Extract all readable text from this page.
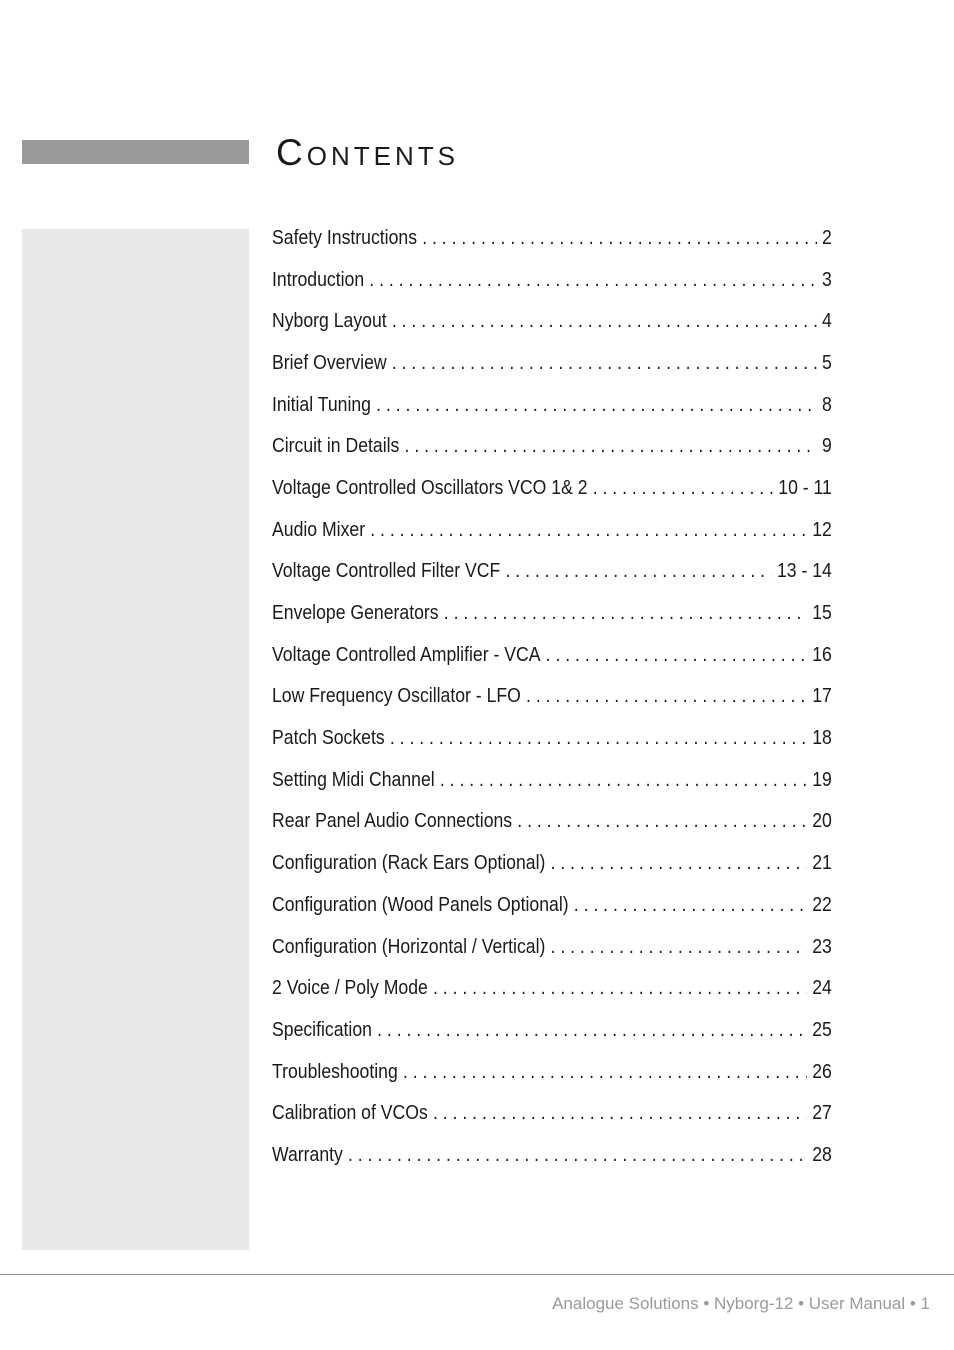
Contents
Safety Instructions . . .	2
Introduction . . .	3
Nyborg Layout . . .	4
Brief Overview . . .	5
Initial Tuning . . .	8
Circuit in Details . . .	9
Voltage Controlled Oscillators VCO 1& 2 . . .	10 - 11
Audio Mixer . . .	12
Voltage Controlled Filter VCF . . .	13 - 14
Envelope Generators . . .	15
Voltage Controlled Amplifier - VCA . . .	16
Low Frequency Oscillator - LFO . . .	17
Patch Sockets . . .	18
Setting Midi Channel . . .	19
Rear Panel Audio Connections . . .	20
Configuration (Rack Ears Optional) . . .	21
Configuration (Wood Panels Optional) . . .	22
Configuration (Horizontal / Vertical) . . .	23
2 Voice / Poly Mode . . .	24
Specification . . .	25
Troubleshooting . . .	26
Calibration of VCOs . . .	27
Warranty . . .	28
Analogue Solutions • Nyborg-12 • User Manual • 1
